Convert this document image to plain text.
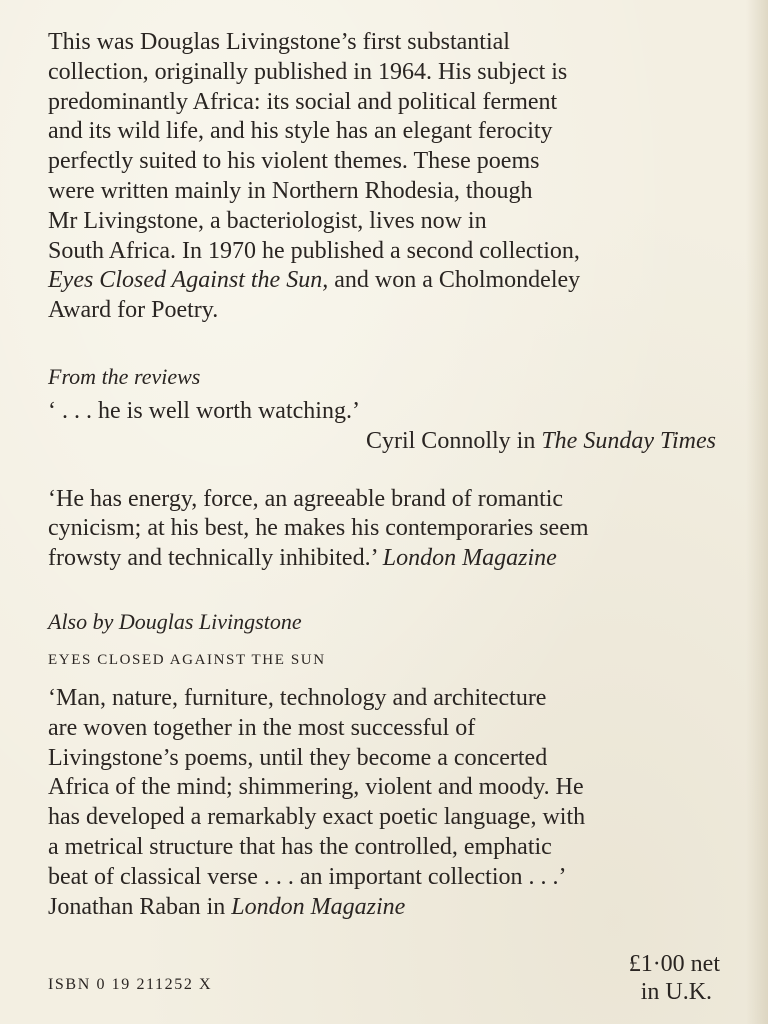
This was Douglas Livingstone’s first substantial
collection, originally published in 1964. His subject is
predominantly Africa: its social and political ferment
and its wild life, and his style has an elegant ferocity
perfectly suited to his violent themes. These poems
were written mainly in Northern Rhodesia, though
Mr Livingstone, a bacteriologist, lives now in
South Africa. In 1970 he published a second collection,
Eyes Closed Against the Sun, and won a Cholmondeley
Award for Poetry.

From the reviews

‘ . . . he is well worth watching.’

Cyril Connolly in The Sunday Times

‘He has energy, force, an agreeable brand of romantic
cynicism; at his best, he makes his contemporaries seem
frowsty and technically inhibited.’ London Magazine

Also by Douglas Livingstone

EYES CLOSED AGAINST THE SUN

‘Man, nature, furniture, technology and architecture
are woven together in the most successful of
Livingstone’s poems, until they become a concerted
Africa of the mind; shimmering, violent and moody. He
has developed a remarkably exact poetic language, with
a metrical structure that has the controlled, emphatic
beat of classical verse . . . an important collection . . .’
Jonathan Raban in London Magazine

ISBN 0 19 211252 X
£1·00 net
in U.K.
